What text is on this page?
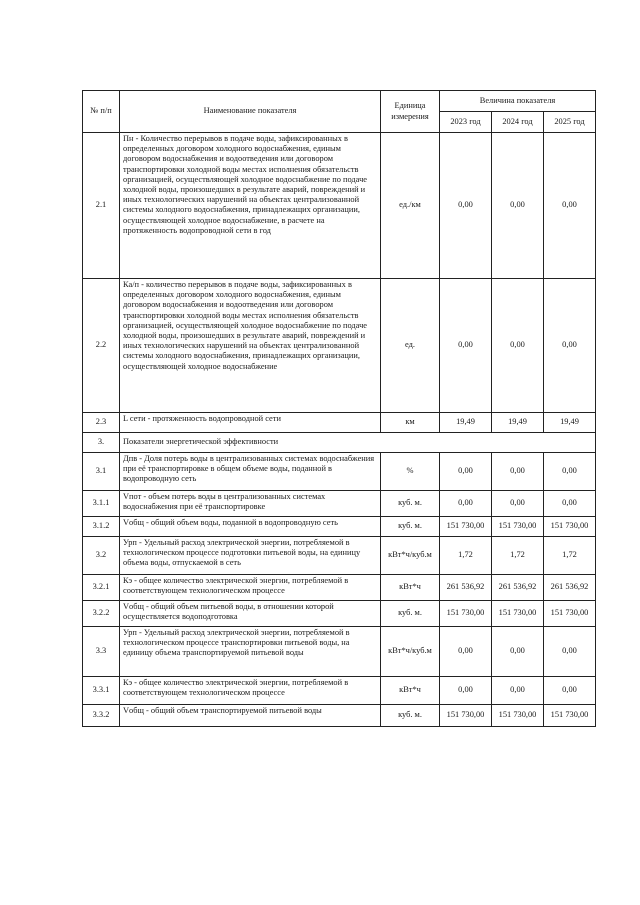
№ п/п	Наименование показателя	Единица измерения	Величина показателя		
			2023 год	2024 год	2025 год
2.1	Пн - Количество перерывов в подаче воды, зафиксированных в определенных договором холодного водоснабжения, единым договором водоснабжения и водоотведения или договором транспортировки холодной воды местах исполнения обязательств организацией, осуществляющей холодное водоснабжение по подаче холодной воды, произошедших в результате аварий, повреждений и иных технологических нарушений на объектах централизованной системы холодного водоснабжения, принадлежащих организации, осуществляющей холодное водоснабжение, в расчете на протяженность водопроводной сети в год	ед./км	0,00	0,00	0,00
2.2	Ка/п - количество перерывов в подаче воды, зафиксированных в определенных договором холодного водоснабжения, единым договором водоснабжения и водоотведения или договором транспортировки холодной воды местах исполнения обязательств организацией, осуществляющей холодное водоснабжение по подаче холодной воды, произошедших в результате аварий, повреждений и иных технологических нарушений на объектах централизованной системы холодного водоснабжения, принадлежащих организации, осуществляющей холодное водоснабжение	ед.	0,00	0,00	0,00
2.3	L сети - протяженность водопроводной сети	км	19,49	19,49	19,49
3.	Показатели энергетической эффективности				
3.1	Дпв - Доля потерь воды в централизованных системах водоснабжения при её транспортировке в общем объеме воды, поданной в водопроводную сеть	%	0,00	0,00	0,00
3.1.1	Vпот - объем потерь воды в централизованных системах водоснабжения при её транспортировке	куб. м.	0,00	0,00	0,00
3.1.2	Vобщ - общий объем воды, поданной в водопроводную сеть	куб. м.	151 730,00	151 730,00	151 730,00
3.2	Урп - Удельный расход электрической энергии, потребляемой в технологическом процессе подготовки питьевой воды, на единицу объема воды, отпускаемой в сеть	кВт*ч/куб.м	1,72	1,72	1,72
3.2.1	Кэ - общее количество электрической энергии, потребляемой в соответствующем технологическом процессе	кВт*ч	261 536,92	261 536,92	261 536,92
3.2.2	Vобщ - общий объем питьевой воды, в отношении которой осуществляется водоподготовка	куб. м.	151 730,00	151 730,00	151 730,00
3.3	Урп - Удельный расход электрической энергии, потребляемой в технологическом процессе транспортировки питьевой воды, на единицу объема транспортируемой питьевой воды	кВт*ч/куб.м	0,00	0,00	0,00
3.3.1	Кэ - общее количество электрической энергии, потребляемой в соответствующем технологическом процессе	кВт*ч	0,00	0,00	0,00
3.3.2	Vобщ - общий объем транспортируемой питьевой воды	куб. м.	151 730,00	151 730,00	151 730,00
